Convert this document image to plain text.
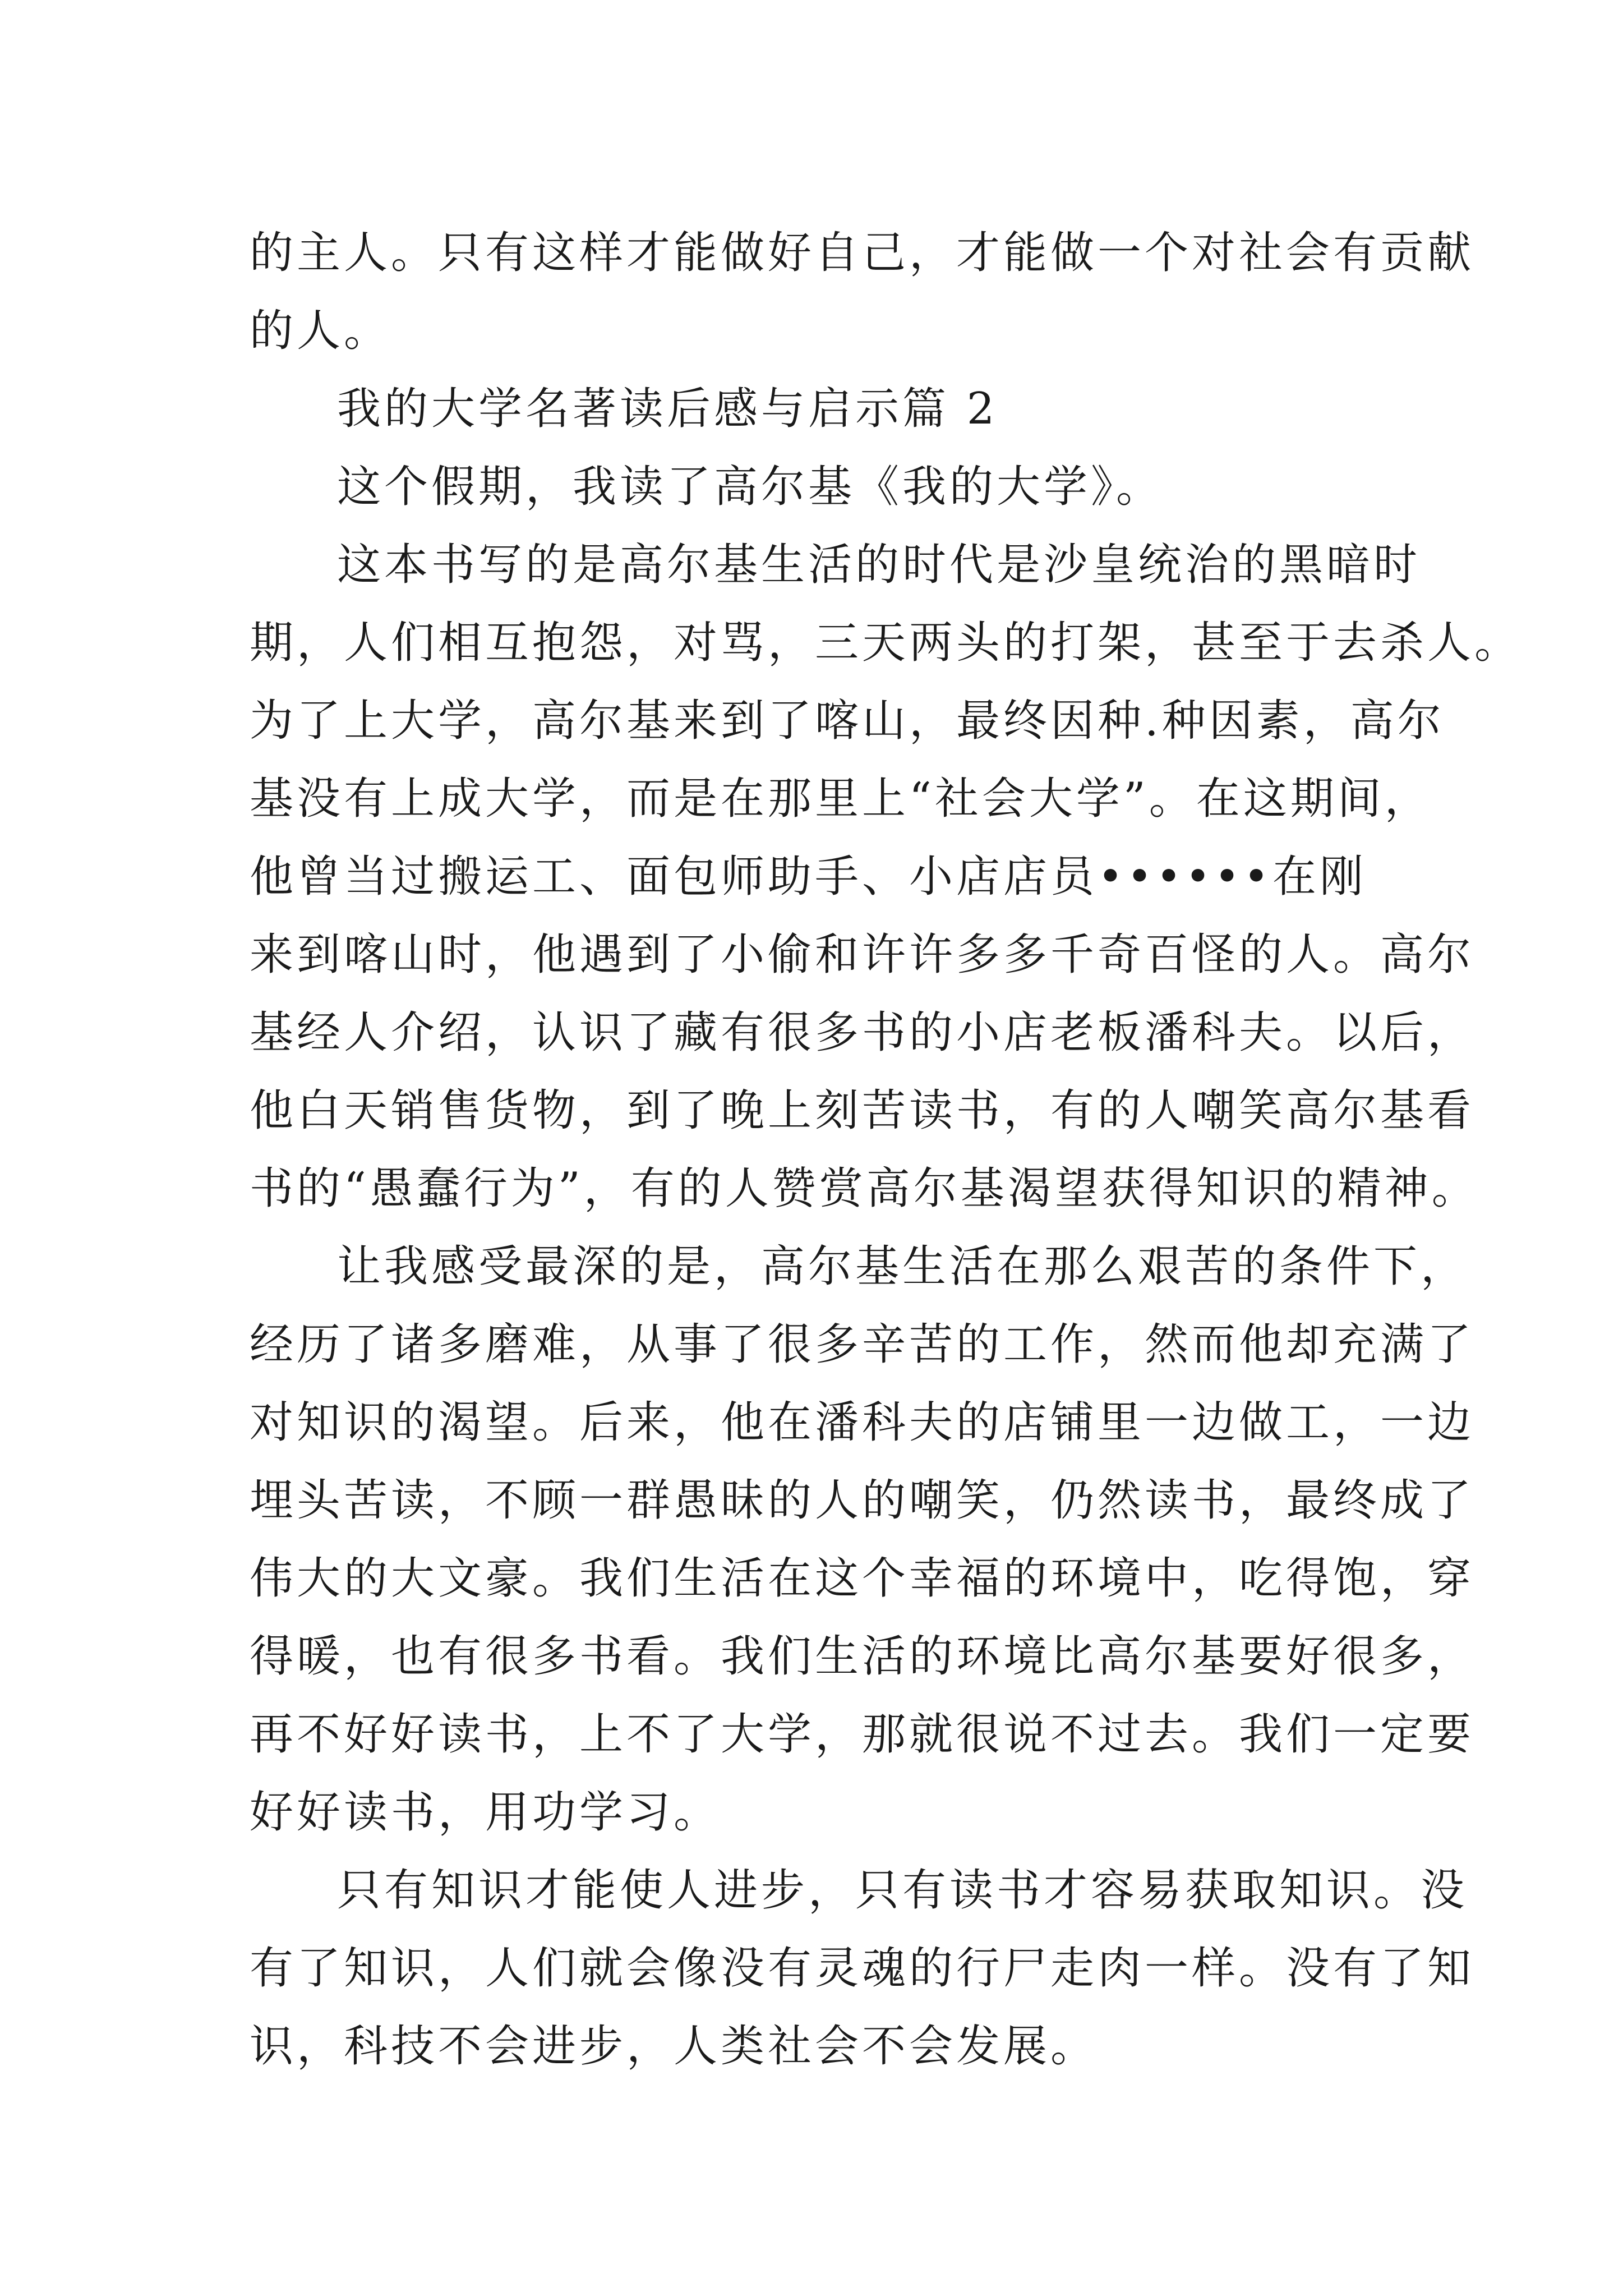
的主人。只有这样才能做好自己，才能做一个对社会有贡献
的人。
我的大学名著读后感与启示篇 2
这个假期，我读了高尔基《我的大学》。
这本书写的是高尔基生活的时代是沙皇统治的黑暗时
期，人们相互抱怨，对骂，三天两头的打架，甚至于去杀人。
为了上大学，高尔基来到了喀山，最终因种.种因素，高尔
基没有上成大学，而是在那里上“社会大学”。在这期间，
他曾当过搬运工、面包师助手、小店店员••••••在刚
来到喀山时，他遇到了小偷和许许多多千奇百怪的人。高尔
基经人介绍，认识了藏有很多书的小店老板潘科夫。以后，
他白天销售货物，到了晚上刻苦读书，有的人嘲笑高尔基看
书的“愚蠢行为”，有的人赞赏高尔基渴望获得知识的精神。
让我感受最深的是，高尔基生活在那么艰苦的条件下，
经历了诸多磨难，从事了很多辛苦的工作，然而他却充满了
对知识的渴望。后来，他在潘科夫的店铺里一边做工，一边
埋头苦读，不顾一群愚昧的人的嘲笑，仍然读书，最终成了
伟大的大文豪。我们生活在这个幸福的环境中，吃得饱，穿
得暖，也有很多书看。我们生活的环境比高尔基要好很多，
再不好好读书，上不了大学，那就很说不过去。我们一定要
好好读书，用功学习。
只有知识才能使人进步，只有读书才容易获取知识。没
有了知识，人们就会像没有灵魂的行尸走肉一样。没有了知
识，科技不会进步，人类社会不会发展。
